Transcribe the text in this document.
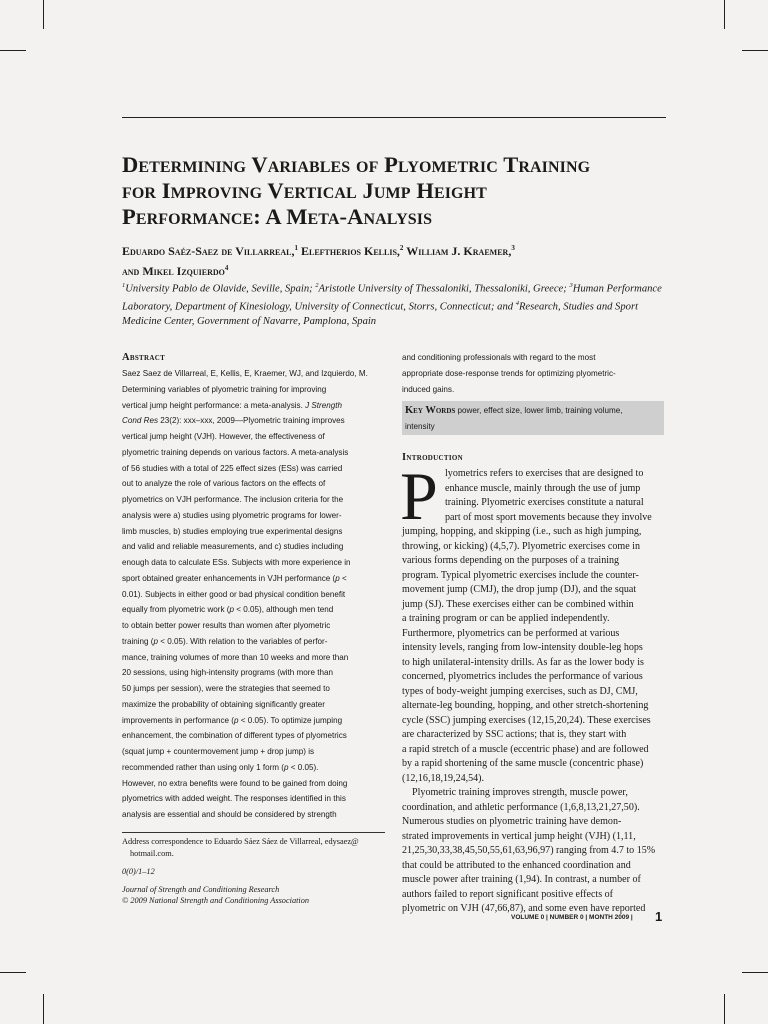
Determining Variables of Plyometric Training
for Improving Vertical Jump Height
Performance: A Meta-Analysis
Eduardo Saéz-Saez de Villarreal,$^1$ Eleftherios Kellis,$^2$ William J. Kraemer,$^3$
and Mikel Izquierdo$^4$
$^1$University Pablo de Olavide, Seville, Spain; $^2$Aristotle University of Thessaloniki, Thessaloniki, Greece; $^3$Human Performance
Laboratory, Department of Kinesiology, University of Connecticut, Storrs, Connecticut; and $^4$Research, Studies and Sport
Medicine Center, Government of Navarre, Pamplona, Spain
Abstract
Saez Saez de Villarreal, E, Kellis, E, Kraemer, WJ, and Izquierdo, M.
Determining variables of plyometric training for improving
vertical jump height performance: a meta-analysis. J Strength
Cond Res 23(2): xxx–xxx, 2009—Plyometric training improves
vertical jump height (VJH). However, the effectiveness of
plyometric training depends on various factors. A meta-analysis
of 56 studies with a total of 225 effect sizes (ESs) was carried
out to analyze the role of various factors on the effects of
plyometrics on VJH performance. The inclusion criteria for the
analysis were a) studies using plyometric programs for lower-
limb muscles, b) studies employing true experimental designs
and valid and reliable measurements, and c) studies including
enough data to calculate ESs. Subjects with more experience in
sport obtained greater enhancements in VJH performance (p <
0.01). Subjects in either good or bad physical condition benefit
equally from plyometric work (p < 0.05), although men tend
to obtain better power results than women after plyometric
training (p < 0.05). With relation to the variables of perfor-
mance, training volumes of more than 10 weeks and more than
20 sessions, using high-intensity programs (with more than
50 jumps per session), were the strategies that seemed to
maximize the probability of obtaining significantly greater
improvements in performance (p < 0.05). To optimize jumping
enhancement, the combination of different types of plyometrics
(squat jump + countermovement jump + drop jump) is
recommended rather than using only 1 form (p < 0.05).
However, no extra benefits were found to be gained from doing
plyometrics with added weight. The responses identified in this
analysis are essential and should be considered by strength
and conditioning professionals with regard to the most
appropriate dose-response trends for optimizing plyometric-
induced gains.
Key Words power, effect size, lower limb, training volume,
intensity
Introduction
P lyometrics refers to exercises that are designed to
enhance muscle, mainly through the use of jump
training. Plyometric exercises constitute a natural
part of most sport movements because they involve
jumping, hopping, and skipping (i.e., such as high jumping,
throwing, or kicking) (4,5,7). Plyometric exercises come in
various forms depending on the purposes of a training
program. Typical plyometric exercises include the counter-
movement jump (CMJ), the drop jump (DJ), and the squat
jump (SJ). These exercises either can be combined within
a training program or can be applied independently.
Furthermore, plyometrics can be performed at various
intensity levels, ranging from low-intensity double-leg hops
to high unilateral-intensity drills. As far as the lower body is
concerned, plyometrics includes the performance of various
types of body-weight jumping exercises, such as DJ, CMJ,
alternate-leg bounding, hopping, and other stretch-shortening
cycle (SSC) jumping exercises (12,15,20,24). These exercises
are characterized by SSC actions; that is, they start with
a rapid stretch of a muscle (eccentric phase) and are followed
by a rapid shortening of the same muscle (concentric phase)
(12,16,18,19,24,54).
Plyometric training improves strength, muscle power,
coordination, and athletic performance (1,6,8,13,21,27,50).
Numerous studies on plyometric training have demon-
strated improvements in vertical jump height (VJH) (1,11,
21,25,30,33,38,45,50,55,61,63,96,97) ranging from 4.7 to 15%
that could be attributed to the enhanced coordination and
muscle power after training (1,94). In contrast, a number of
authors failed to report significant positive effects of
plyometric on VJH (47,66,87), and some even have reported
Address correspondence to Eduardo Sáez Sáez de Villarreal, edysaez@
hotmail.com.
0(0)/1–12
Journal of Strength and Conditioning Research
© 2009 National Strength and Conditioning Association
VOLUME 0 | NUMBER 0 | MONTH 2009 | 1
